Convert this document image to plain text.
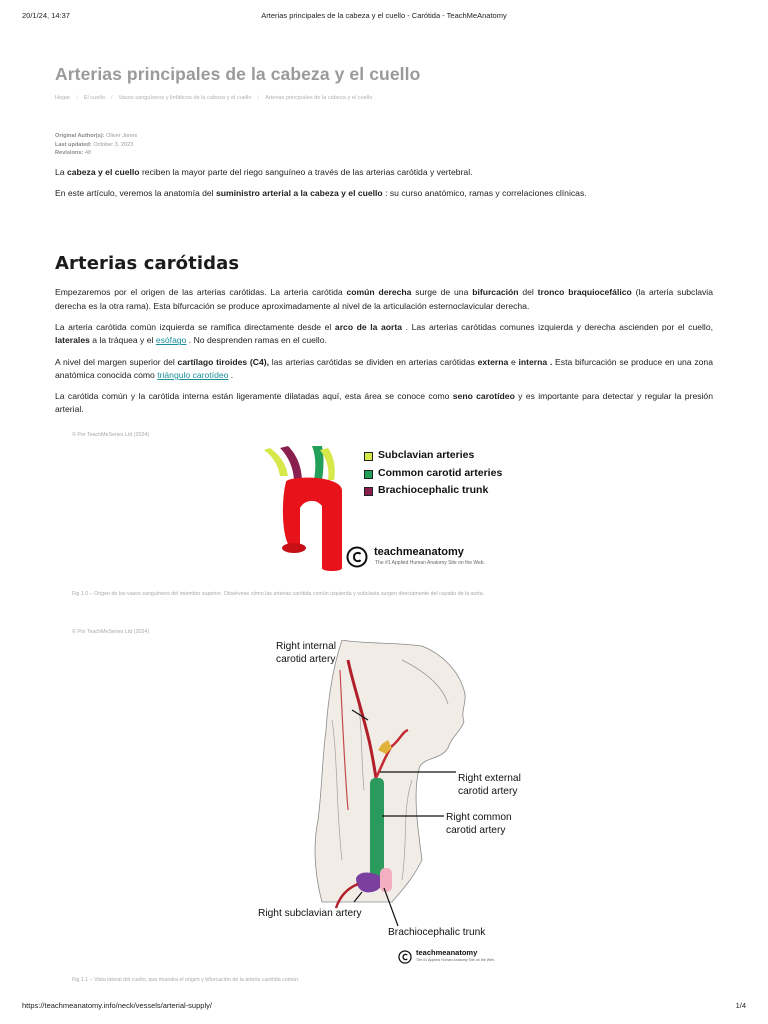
20/1/24, 14:37	Arterias principales de la cabeza y el cuello - Carótida - TeachMeAnatomy
Arterias principales de la cabeza y el cuello
Hogar / El cuello / Vasos sanguíneos y linfáticos de la cabeza y el cuello / Arterias principales de la cabeza y el cuello
Original Author(s): Oliver Jones
Last updated: October 3, 2023
Revisions: 48

La cabeza y el cuello reciben la mayor parte del riego sanguíneo a través de las arterias carótida y vertebral.

En este artículo, veremos la anatomía del suministro arterial a la cabeza y el cuello : su curso anatómico, ramas y correlaciones clínicas.

Arterias carótidas

Empezaremos por el origen de las arterias carótidas. La arteria carótida común derecha surge de una bifurcación del tronco braquiocefálico (la arteria subclavia derecha es la otra rama). Esta bifurcación se produce aproximadamente al nivel de la articulación esternoclavicular derecha.

La arteria carótida común izquierda se ramifica directamente desde el arco de la aorta . Las arterias carótidas comunes izquierda y derecha ascienden por el cuello, laterales a la tráquea y el esófago . No desprenden ramas en el cuello.

A nivel del margen superior del cartílago tiroides (C4), las arterias carótidas se dividen en arterias carótidas externa e interna . Esta bifurcación se produce en una zona anatómica conocida como triángulo carotídeo .

La carótida común y la carótida interna están ligeramente dilatadas aquí, esta área se conoce como seno carotídeo y es importante para detectar y regular la presión arterial.

© Por TeachMeSeries Ltd (2024)
Subclavian arteries
Common carotid arteries
Brachiocephalic trunk
teachmeanatomy
The #1 Applied Human Anatomy Site on the Web.
Fig 1.0 – Origen de los vasos sanguíneos del miembro superior. Obsérvese cómo las arterias carótida común izquierda y subclavia surgen directamente del cayado de la aorta.
© Por TeachMeSeries Ltd (2024)
Right internal
carotid artery
Right external
carotid artery
Right common
carotid artery
Right subclavian artery
Brachiocephalic trunk
teachmeanatomy
The #1 Applied Human Anatomy Site on the Web.
Fig 1.1 – Vista lateral del cuello, que muestra el origen y bifurcación de la arteria carótida común.
https://teachmeanatomy.info/neck/vessels/arterial-supply/	1/4
